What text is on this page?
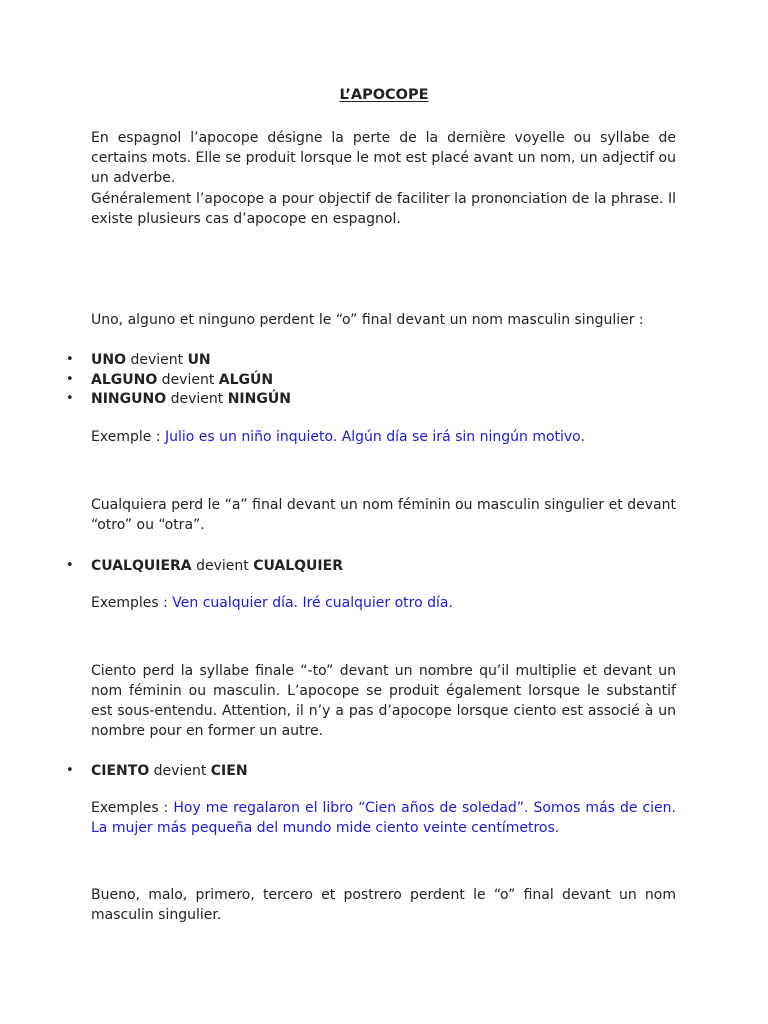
L’APOCOPE

En espagnol l’apocope désigne la perte de la dernière voyelle ou syllabe de certains mots. Elle se produit lorsque le mot est placé avant un nom, un adjectif ou un adverbe.

Généralement l’apocope a pour objectif de faciliter la prononciation de la phrase. Il existe plusieurs cas d’apocope en espagnol.

Uno, alguno et ninguno perdent le “o” final devant un nom masculin singulier :

• UNO devient UN
• ALGUNO devient ALGÚN
• NINGUNO devient NINGÚN

Exemple : Julio es un niño inquieto. Algún día se irá sin ningún motivo.

Cualquiera perd le “a” final devant un nom féminin ou masculin singulier et devant “otro” ou “otra”.

• CUALQUIERA devient CUALQUIER

Exemples : Ven cualquier día. Iré cualquier otro día.

Ciento perd la syllabe finale “-to” devant un nombre qu’il multiplie et devant un nom féminin ou masculin. L’apocope se produit également lorsque le substantif est sous-entendu. Attention, il n’y a pas d’apocope lorsque ciento est associé à un nombre pour en former un autre.

• CIENTO devient CIEN

Exemples : Hoy me regalaron el libro “Cien años de soledad”. Somos más de cien. La mujer más pequeña del mundo mide ciento veinte centímetros.

Bueno, malo, primero, tercero et postrero perdent le “o” final devant un nom masculin singulier.
